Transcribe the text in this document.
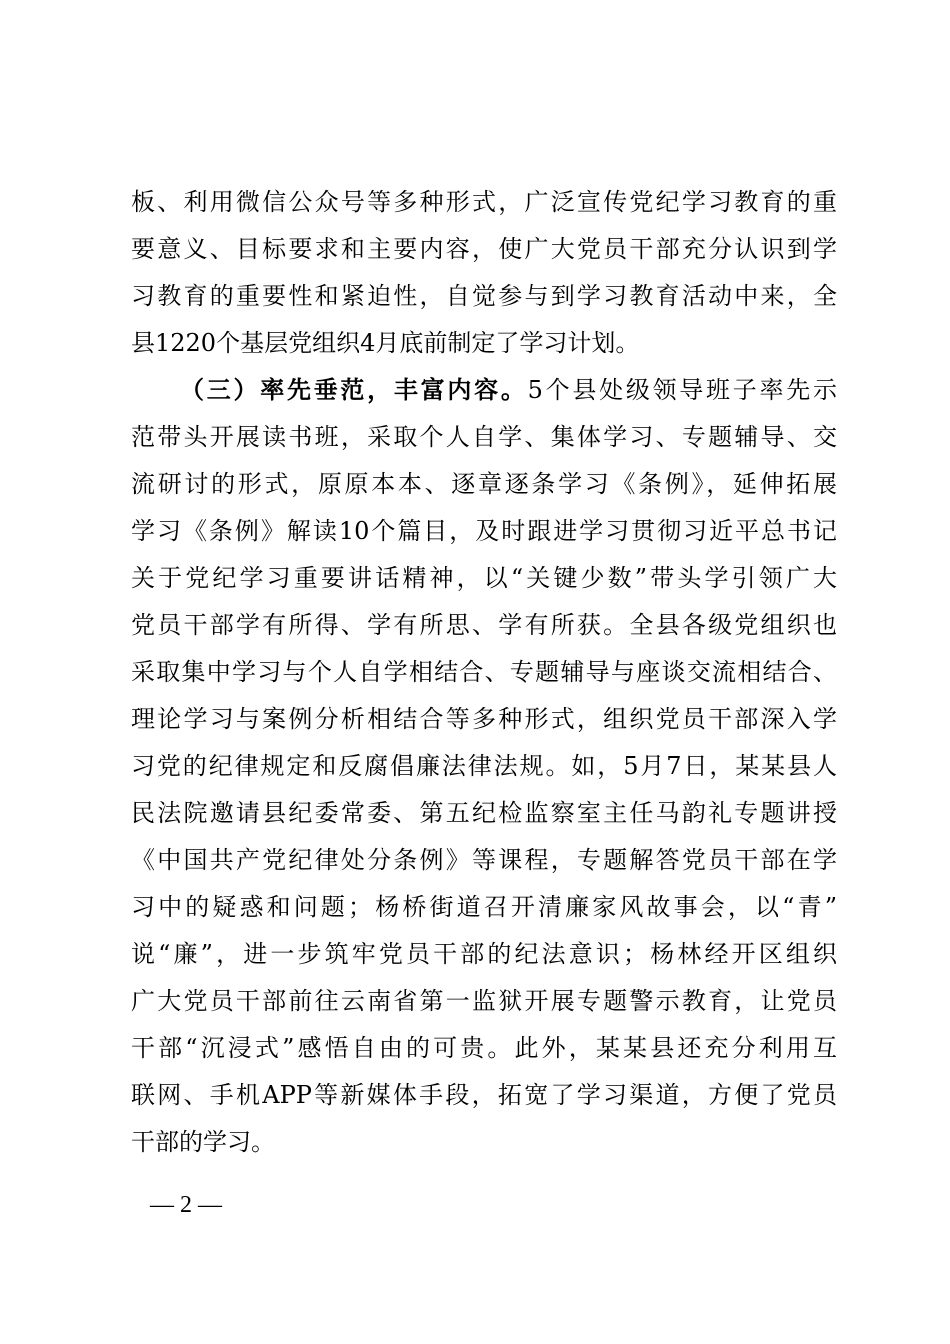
板、利用微信公众号等多种形式，广泛宣传党纪学习教育的重
要意义、目标要求和主要内容，使广大党员干部充分认识到学
习教育的重要性和紧迫性，自觉参与到学习教育活动中来，全
县1220个基层党组织4月底前制定了学习计划。
（三）率先垂范，丰富内容。5个县处级领导班子率先示
范带头开展读书班，采取个人自学、集体学习、专题辅导、交
流研讨的形式，原原本本、逐章逐条学习《条例》，延伸拓展
学习《条例》解读10个篇目，及时跟进学习贯彻习近平总书记
关于党纪学习重要讲话精神，以“关键少数”带头学引领广大
党员干部学有所得、学有所思、学有所获。全县各级党组织也
采取集中学习与个人自学相结合、专题辅导与座谈交流相结合、
理论学习与案例分析相结合等多种形式，组织党员干部深入学
习党的纪律规定和反腐倡廉法律法规。如，5月7日，某某县人
民法院邀请县纪委常委、第五纪检监察室主任马韵礼专题讲授
《中国共产党纪律处分条例》等课程，专题解答党员干部在学
习中的疑惑和问题；杨桥街道召开清廉家风故事会，以“青”
说“廉”，进一步筑牢党员干部的纪法意识；杨林经开区组织
广大党员干部前往云南省第一监狱开展专题警示教育，让党员
干部“沉浸式”感悟自由的可贵。此外，某某县还充分利用互
联网、手机APP等新媒体手段，拓宽了学习渠道，方便了党员
干部的学习。
— 2 —
